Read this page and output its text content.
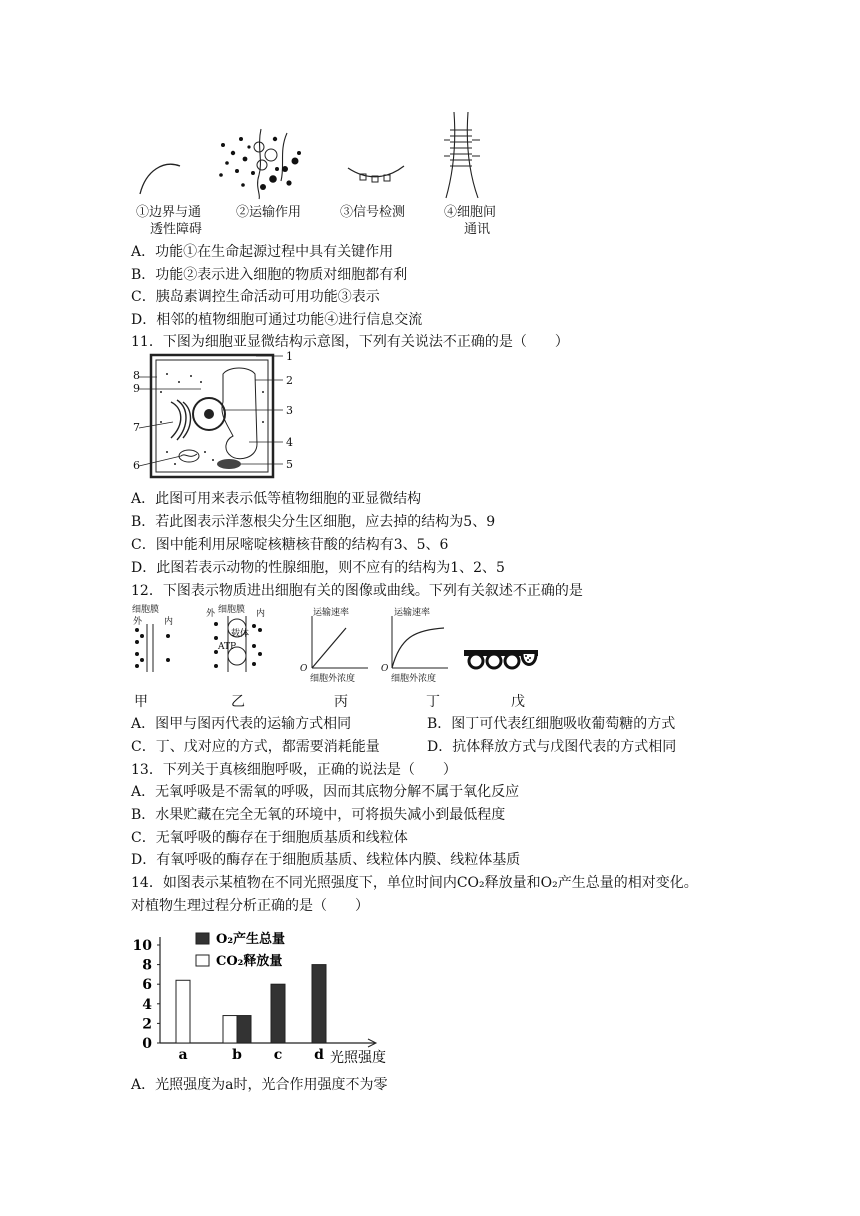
①边界与通
透性障碍
②运输作用	③信号检测	④细胞间
通讯
A．功能①在生命起源过程中具有关键作用
B．功能②表示进入细胞的物质对细胞都有利
C．胰岛素调控生命活动可用功能③表示
D．相邻的植物细胞可通过功能④进行信息交流
11．下图为细胞亚显微结构示意图，下列有关说法不正确的是（　　）
1
2
3
4
5
6
7
8
9
A．此图可用来表示低等植物细胞的亚显微结构
B．若此图表示洋葱根尖分生区细胞，应去掉的结构为5、9
C．图中能利用尿嘧啶核糖核苷酸的结构有3、5、6
D．此图若表示动物的性腺细胞，则不应有的结构为1、2、5
12．下图表示物质进出细胞有关的图像或曲线。下列有关叙述不正确的是
细胞膜
外 内
外 细胞膜 内
载体
ATP
运输速率
O
细胞外浓度
运输速率
O
细胞外浓度
甲	乙	丙	丁	戊
A．图甲与图丙代表的运输方式相同	B．图丁可代表红细胞吸收葡萄糖的方式
C．丁、戊对应的方式，都需要消耗能量	D．抗体释放方式与戊图代表的方式相同
13．下列关于真核细胞呼吸，正确的说法是（　　）
A．无氧呼吸是不需氧的呼吸，因而其底物分解不属于氧化反应
B．水果贮藏在完全无氧的环境中，可将损失减小到最低程度
C．无氧呼吸的酶存在于细胞质基质和线粒体
D．有氧呼吸的酶存在于细胞质基质、线粒体内膜、线粒体基质
14．如图表示某植物在不同光照强度下，单位时间内CO₂释放量和O₂产生总量的相对变化。
对植物生理过程分析正确的是（　　）
0
2
4
6
8
10
a	b c d 光照强度
O₂产生总量
CO₂释放量
A．光照强度为a时，光合作用强度不为零
